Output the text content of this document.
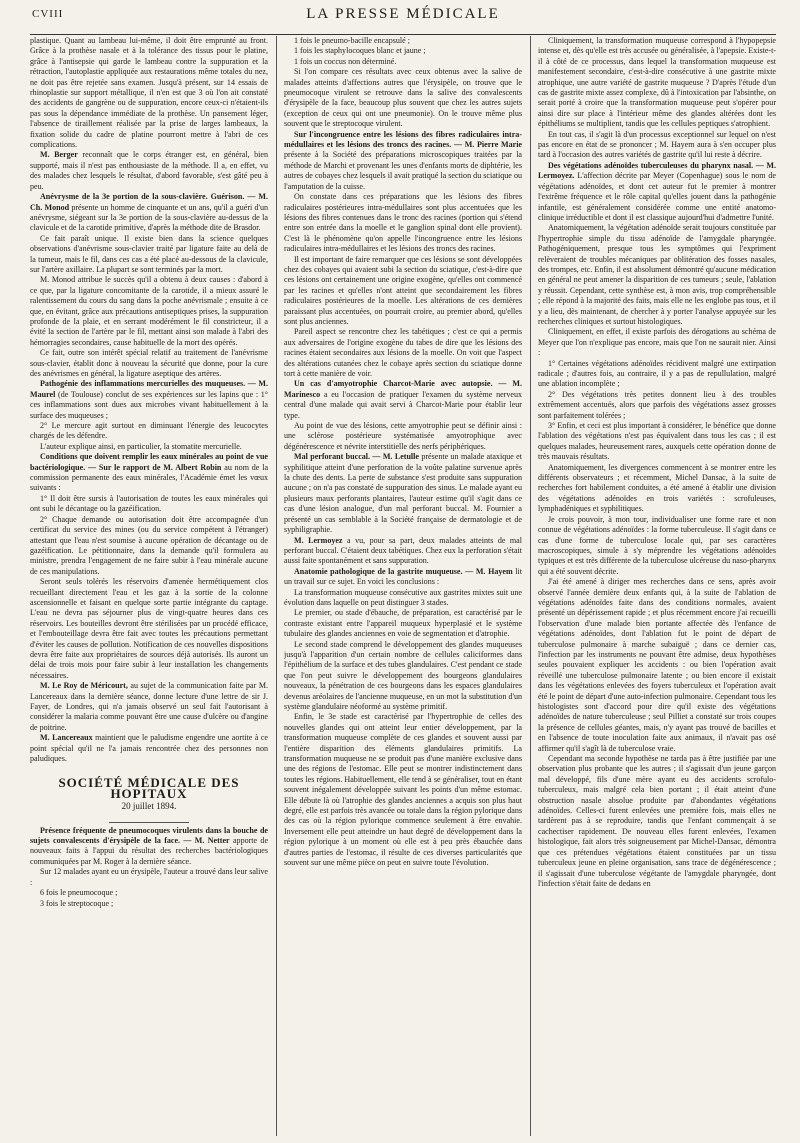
CVIII	LA PRESSE MÉDICALE

plastique. Quant au lambeau lui-même, il doit être emprunté au front. Grâce à la prothèse nasale et à la tolérance des tissus pour le platine, grâce à l'antisepsie qui garde le lambeau contre la suppuration et la rétraction, l'autoplastie appliquée aux restaurations même totales du nez, ne doit pas être rejetée sans examen. Jusqu'à présent, sur 14 essais de rhinoplastie sur support métallique, il n'en est que 3 où l'on ait constaté des accidents de gangrène ou de suppuration, encore ceux-ci n'étaient-ils pas sous la dépendance immédiate de la prothèse. Un pansement léger, l'absence de tiraillement réalisée par la prise de larges lambeaux, la fixation solide du cadre de platine pourront mettre à l'abri de ces complications.

M. Berger reconnaît que le corps étranger est, en général, bien supporté, mais il n'est pas enthousiaste de la méthode. Il a, en effet, vu des malades chez lesquels le résultat, d'abord favorable, s'est gâté peu à peu.

Anévrysme de la 3e portion de la sous-clavière. Guérison. — M. Ch. Monod présente un homme de cinquante et un ans, qu'il a guéri d'un anévrysme, siégeant sur la 3e portion de la sous-clavière au-dessus de la clavicule et de la carotide primitive, d'après la méthode dite de Brasdor.

Ce fait paraît unique. Il existe bien dans la science quelques observations d'anévrisme sous-clavier traité par ligature faite au delà de la tumeur, mais le fil, dans ces cas a été placé au-dessous de la clavicule, sur l'artère axillaire. La plupart se sont terminés par la mort.

M. Monod attribue le succès qu'il a obtenu à deux causes : d'abord à ce que, par la ligature concomitante de la carotide, il a mieux assuré le ralentissement du cours du sang dans la poche anévrismale ; ensuite à ce que, en évitant, grâce aux précautions antiseptiques prises, la suppuration profonde de la plaie, et en serrant modérément le fil constricteur, il a évité la section de l'artère par le fil, mettant ainsi son malade à l'abri des hémorragies secondaires, cause habituelle de la mort des opérés.

Ce fait, outre son intérêt spécial relatif au traitement de l'anévrisme sous-clavier, établit donc à nouveau la sécurité que donne, pour la cure des anévrismes en général, la ligature aseptique des artères.

Pathogénie des inflammations mercurielles des muqueuses. — M. Maurel (de Toulouse) conclut de ses expériences sur les lapins que : 1° ces inflammations sont dues aux microbes vivant habituellement à la surface des muqueuses ;

2° Le mercure agit surtout en diminuant l'énergie des leucocytes chargés de les défendre.

L'auteur explique ainsi, en particulier, la stomatite mercurielle.

Conditions que doivent remplir les eaux minérales au point de vue bactériologique. — Sur le rapport de M. Albert Robin au nom de la commission permanente des eaux minérales, l'Académie émet les vœux suivants :

1° Il doit être sursis à l'autorisation de toutes les eaux minérales qui ont subi le décantage ou la gazéification.

2° Chaque demande ou autorisation doit être accompagnée d'un certificat du service des mines (ou du service compétent à l'étranger) attestant que l'eau n'est soumise à aucune opération de décantage ou de gazéification. Le pétitionnaire, dans la demande qu'il formulera au ministre, prendra l'engagement de ne faire subir à l'eau minérale aucune de ces manipulations.

Seront seuls tolérés les réservoirs d'amenée hermétiquement clos recueillant directement l'eau et les gaz à la sortie de la colonne ascensionnelle et faisant en quelque sorte partie intégrante du captage. L'eau ne devra pas séjourner plus de vingt-quatre heures dans ces réservoirs. Les bouteilles devront être stérilisées par un procédé efficace, et l'embouteillage devra être fait avec toutes les précautions permettant d'éviter les causes de pollution. Notification de ces nouvelles dispositions devra être faite aux propriétaires de sources déjà autorisés. Ils auront un délai de trois mois pour faire subir à leur installation les changements nécessaires.

M. Le Roy de Méricourt, au sujet de la communication faite par M. Lancereaux dans la dernière séance, donne lecture d'une lettre de sir J. Fayer, de Londres, qui n'a jamais observé un seul fait l'autorisant à considérer la malaria comme pouvant être une cause d'ulcère ou d'angine de poitrine.

M. Lancereaux maintient que le paludisme engendre une aortite à ce point spécial qu'il ne l'a jamais rencontrée chez des personnes non paludiques.

SOCIÉTÉ MÉDICALE DES HOPITAUX
20 juillet 1894.

Présence fréquente de pneumocoques virulents dans la bouche de sujets convalescents d'érysipèle de la face. — M. Netter apporte de nouveaux faits à l'appui du résultat des recherches bactériologiques communiquées par M. Roger à la dernière séance.

Sur 12 malades ayant eu un érysipèle, l'auteur a trouvé dans leur salive :

6 fois le pneumocoque ;

3 fois le streptocoque ;

1 fois le pneumo-bacille encapsulé ;

1 fois les staphylocoques blanc et jaune ;

1 fois un coccus non déterminé.

Si l'on compare ces résultats avec ceux obtenus avec la salive de malades atteints d'affections autres que l'érysipèle, on trouve que le pneumocoque virulent se retrouve dans la salive des convalescents d'érysipèle de la face, beaucoup plus souvent que chez les autres sujets (exception de ceux qui ont une pneumonie). On le trouve même plus souvent que le streptocoque virulent.

Sur l'incongruence entre les lésions des fibres radiculaires intra-médullaires et les lésions des troncs des racines. — M. Pierre Marie présente à la Société des préparations microscopiques traitées par la méthode de Marchi et provenant les unes d'enfants morts de diphtérie, les autres de cobayes chez lesquels il avait pratiqué la section du sciatique ou l'amputation de la cuisse.

On constate dans ces préparations que les lésions des fibres radiculaires postérieures intra-médullaires sont plus accentuées que les lésions des fibres contenues dans le tronc des racines (portion qui s'étend entre son entrée dans la moelle et le ganglion spinal dont elle provient). C'est là le phénomène qu'on appelle l'incongruence entre les lésions radiculaires intra-médullaires et les lésions des troncs des racines.

Il est important de faire remarquer que ces lésions se sont développées chez des cobayes qui avaient subi la section du sciatique, c'est-à-dire que ces lésions ont certainement une origine exogène, qu'elles ont commencé par les racines et qu'elles n'ont atteint que secondairement les fibres radiculaires postérieures de la moelle. Les altérations de ces dernières paraissant plus accentuées, on pourrait croire, au premier abord, qu'elles sont plus anciennes.

Pareil aspect se rencontre chez les tabétiques ; c'est ce qui a permis aux adversaires de l'origine exogène du tabes de dire que les lésions des racines étaient secondaires aux lésions de la moelle. On voit que l'aspect des altérations cutanées chez le cobaye après section du sciatique donne tort à cette manière de voir.

Un cas d'amyotrophie Charcot-Marie avec autopsie. — M. Marinesco a eu l'occasion de pratiquer l'examen du système nerveux central d'une malade qui avait servi à Charcot-Marie pour établir leur type.

Au point de vue des lésions, cette amyotrophie peut se définir ainsi : une sclérose postérieure systématisée amyotrophique avec dégénérescence et névrite interstitielle des nerfs périphériques.

Mal perforant buccal. — M. Letulle présente un malade ataxique et syphilitique atteint d'une perforation de la voûte palatine survenue après la chute des dents. La perte de substance s'est produite sans suppuration aucune ; on n'a pas constaté de suppuration des sinus. Le malade ayant eu plusieurs maux perforants plantaires, l'auteur estime qu'il s'agit dans ce cas d'une lésion analogue, d'un mal perforant buccal. M. Fournier a présenté un cas semblable à la Société française de dermatologie et de syphiligraphie.

M. Lermoyez a vu, pour sa part, deux malades atteints de mal perforant buccal. C'étaient deux tabétiques. Chez eux la perforation s'était aussi faite spontanément et sans suppuration.

Anatomie pathologique de la gastrite muqueuse. — M. Hayem lit un travail sur ce sujet. En voici les conclusions :

La transformation muqueuse consécutive aux gastrites mixtes suit une évolution dans laquelle on peut distinguer 3 stades.

Le premier, ou stade d'ébauche, de préparation, est caractérisé par le contraste existant entre l'appareil muqueux hyperplasié et le système tubulaire des glandes anciennes en voie de segmentation et d'atrophie.

Le second stade comprend le développement des glandes muqueuses jusqu'à l'apparition d'un certain nombre de cellules caliciformes dans l'épithélium de la surface et des tubes glandulaires. C'est pendant ce stade que l'on peut suivre le développement des bourgeons glandulaires nouveaux, la pénétration de ces bourgeons dans les espaces glandulaires devenus aréolaires de l'ancienne muqueuse, en un mot la substitution d'un système glandulaire néoformé au système primitif.

Enfin, le 3e stade est caractérisé par l'hypertrophie de celles des nouvelles glandes qui ont atteint leur entier développement, par la transformation muqueuse complète de ces glandes et souvent aussi par l'entière disparition des éléments glandulaires primitifs. La transformation muqueuse ne se produit pas d'une manière exclusive dans une des régions de l'estomac. Elle peut se montrer indistinctement dans toutes les régions. Habituellement, elle tend à se généraliser, tout en étant souvent inégalement développée suivant les points d'un même estomac. Elle débute là où l'atrophie des glandes anciennes a acquis son plus haut degré, elle est parfois très avancée ou totale dans la région pylorique dans des cas où la région pylorique commence seulement à être envahie. Inversement elle peut atteindre un haut degré de développement dans la région pylorique à un moment où elle est à peu près ébauchée dans d'autres parties de l'estomac, il résulte de ces diverses particularités que souvent sur une même pièce on peut en suivre toute l'évolution.

Cliniquement, la transformation muqueuse correspond à l'hypopepsie intense et, dès qu'elle est très accusée ou généralisée, à l'apepsie. Existe-t-il à côté de ce processus, dans lequel la transformation muqueuse est manifestement secondaire, c'est-à-dire consécutive à une gastrite mixte atrophique, une autre variété de gastrite muqueuse ? D'après l'étude d'un cas de gastrite mixte assez complexe, dû à l'intoxication par l'absinthe, on serait porté à croire que la transformation muqueuse peut s'opérer pour ainsi dire sur place à l'intérieur même des glandes altérées dont les épithéliums se multiplient, tandis que les cellules peptiques s'atrophient.

En tout cas, il s'agit là d'un processus exceptionnel sur lequel on n'est pas encore en état de se prononcer ; M. Hayem aura à s'en occuper plus tard à l'occasion des autres variétés de gastrite qu'il lui reste à décrire.

Des végétations adénoïdes tuberculeuses du pharynx nasal. — M. Lermoyez. L'affection décrite par Meyer (Copenhague) sous le nom de végétations adénoïdes, et dont cet auteur fut le premier à montrer l'extrême fréquence et le rôle capital qu'elles jouent dans la pathogénie infantile, est généralement considérée comme une entité anatomo-clinique irréductible et dont il est classique aujourd'hui d'admettre l'unité.

Anatomiquement, la végétation adénoïde serait toujours constituée par l'hypertrophie simple du tissu adénoïde de l'amygdale pharyngée. Pathogéniquement, presque tous les symptômes qui l'expriment relèveraient de troubles mécaniques par oblitération des fosses nasales, des trompes, etc. Enfin, il est absolument démontré qu'aucune médication en général ne peut amener la disparition de ces tumeurs ; seule, l'ablation y réussit. Cependant, cette synthèse est, à mon avis, trop compréhensible ; elle répond à la majorité des faits, mais elle ne les englobe pas tous, et il y a lieu, dès maintenant, de chercher à y porter l'analyse appuyée sur les recherches cliniques et surtout histologiques.

Cliniquement, en effet, il existe parfois des dérogations au schéma de Meyer que l'on n'explique pas encore, mais que l'on ne saurait nier. Ainsi :

1° Certaines végétations adénoïdes récidivent malgré une extirpation radicale ; d'autres fois, au contraire, il y a pas de repullulation, malgré une ablation incomplète ;

2° Des végétations très petites donnent lieu à des troubles extrêmement accentués, alors que parfois des végétations assez grosses sont parfaitement tolérées ;

3° Enfin, et ceci est plus important à considérer, le bénéfice que donne l'ablation des végétations n'est pas équivalent dans tous les cas ; il est quelques malades, heureusement rares, auxquels cette opération donne de très mauvais résultats.

Anatomiquement, les divergences commencent à se montrer entre les différents observateurs ; et récemment, Michel Dansac, à la suite de recherches fort habilement conduites, a été amené à établir une division des végétations adénoïdes en trois variétés : scrofuleuses, lymphadéniques et syphilitiques.

Je crois pouvoir, à mon tour, individualiser une forme rare et non connue de végétations adénoïdes : la forme tuberculeuse. Il s'agit dans ce cas d'une forme de tuberculose locale qui, par ses caractères macroscopiques, simule à s'y méprendre les végétations adénoïdes typiques et est très différente de la tuberculose ulcéreuse du naso-pharynx qui a été souvent décrite.

J'ai été amené à diriger mes recherches dans ce sens, après avoir observé l'année dernière deux enfants qui, à la suite de l'ablation de végétations adénoïdes faite dans des conditions normales, avaient présenté un dépérissement rapide ; et plus récemment encore j'ai recueilli l'observation d'une malade bien portante affectée dès l'enfance de végétations adénoïdes, dont l'ablation fut le point de départ de tuberculose pulmonaire à marche subaiguë ; dans ce dernier cas, l'infection par les instruments ne pouvant être admise, deux hypothèses seules pouvaient expliquer les accidents : ou bien l'opération avait réveillé une tuberculose pulmonaire latente ; ou bien encore il existait dans les végétations enlevées des foyers tuberculeux et l'opération avait été le point de départ d'une auto-infection pulmonaire. Cependant tous les histologistes sont d'accord pour dire qu'il existe des végétations adénoïdes de nature tuberculeuse ; seul Pilliet a constaté sur trois coupes la présence de cellules géantes, mais, n'y ayant pas trouvé de bacilles et en l'absence de toute inoculation faite aux animaux, il n'avait pas osé affirmer qu'il s'agît là de tuberculose vraie.

Cependant ma seconde hypothèse ne tarda pas à être justifiée par une observation plus probante que les autres ; il s'agissait d'un jeune garçon mal développé, fils d'une mère ayant eu des accidents scrofulo-tuberculeux, mais malgré cela bien portant ; il était atteint d'une obstruction nasale absolue produite par d'abondantes végétations adénoïdes. Celles-ci furent enlevées une première fois, mais elles ne tardèrent pas à se reproduire, tandis que l'enfant commençait à se cachectiser rapidement. De nouveau elles furent enlevées, l'examen histologique, fait alors très soigneusement par Michel-Dansac, démontra que ces prétendues végétations étaient constituées par un tissu tuberculeux jeune en pleine organisation, sans trace de dégénérescence ; il s'agissait d'une tuberculose végétante de l'amygdale pharyngée, dont l'infection s'était faite de dedans en
